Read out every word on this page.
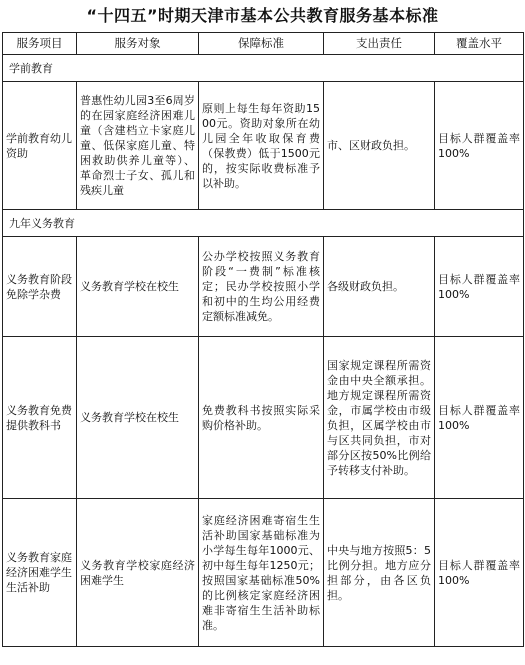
“十四五”时期天津市基本公共教育服务基本标准
服务项目	服务对象	保障标准	支出责任	覆盖水平
学前教育				
学前教育幼儿资助	普惠性幼儿园3至6周岁的在园家庭经济困难儿童（含建档立卡家庭儿童、低保家庭儿童、特困救助供养儿童等）、革命烈士子女、孤儿和残疾儿童	原则上每生每年资助1500元。资助对象所在幼儿园全年收取保育费（保教费）低于1500元的，按实际收费标准予以补助。	市、区财政负担。	目标人群覆盖率100%
九年义务教育				
义务教育阶段免除学杂费	义务教育学校在校生	公办学校按照义务教育阶段“一费制”标准核定；民办学校按照小学和初中的生均公用经费定额标准减免。	各级财政负担。	目标人群覆盖率100%
义务教育免费提供教科书	义务教育学校在校生	免费教科书按照实际采购价格补助。	国家规定课程所需资金由中央全额承担。地方规定课程所需资金，市属学校由市级负担，区属学校由市与区共同负担，市对部分区按50%比例给予转移支付补助。	目标人群覆盖率100%
义务教育家庭经济困难学生生活补助	义务教育学校家庭经济困难学生	家庭经济困难寄宿生生活补助国家基础标准为小学每生每年1000元、初中每生每年1250元；按照国家基础标准50%的比例核定家庭经济困难非寄宿生生活补助标准。	中央与地方按照5：5比例分担。地方应分担部分，由各区负担。	目标人群覆盖率100%
